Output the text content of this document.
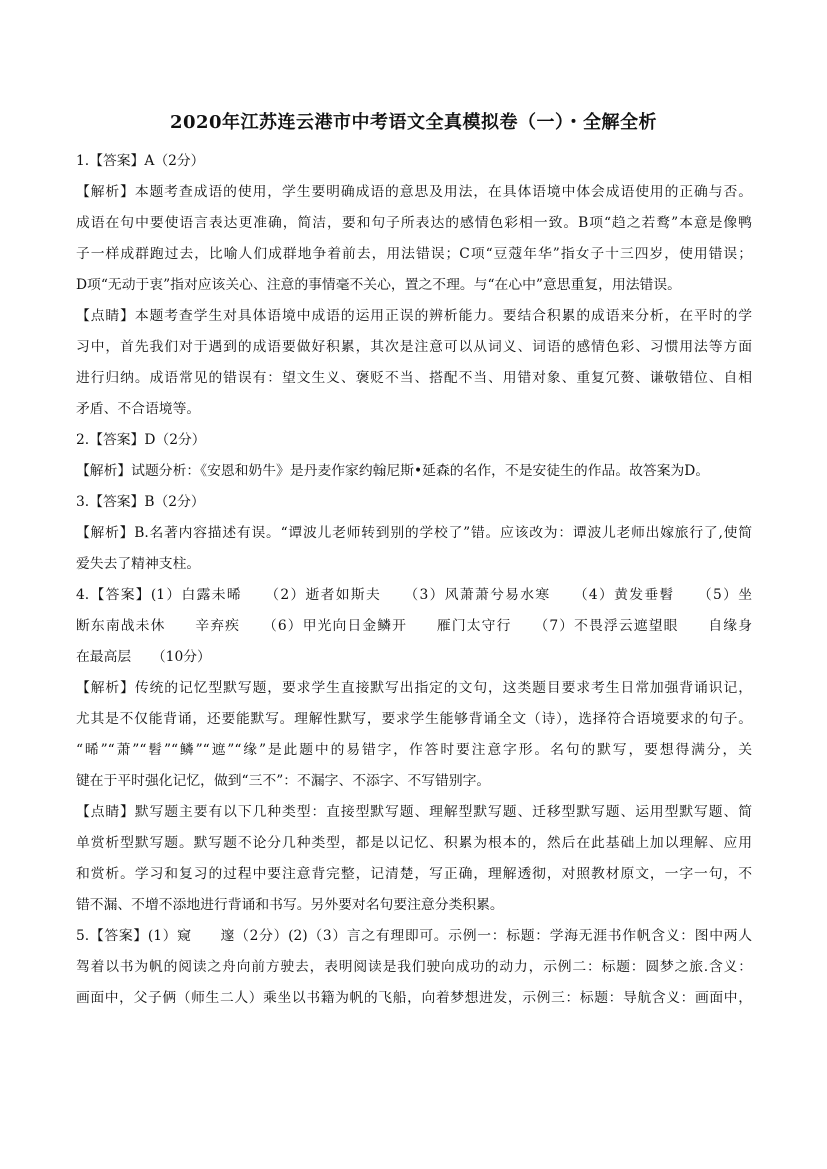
2020年江苏连云港市中考语文全真模拟卷（一）・全解全析
1.【答案】A（2分）
【解析】本题考查成语的使用，学生要明确成语的意思及用法，在具体语境中体会成语使用的正确与否。
成语在句中要使语言表达更准确，简洁，要和句子所表达的感情色彩相一致。B项“趋之若鹜”本意是像鸭
子一样成群跑过去，比喻人们成群地争着前去，用法错误；C项“豆蔻年华”指女子十三四岁，使用错误；
D项“无动于衷”指对应该关心、注意的事情毫不关心，置之不理。与“在心中”意思重复，用法错误。
【点睛】本题考查学生对具体语境中成语的运用正误的辨析能力。要结合积累的成语来分析，在平时的学
习中，首先我们对于遇到的成语要做好积累，其次是注意可以从词义、词语的感情色彩、习惯用法等方面
进行归纳。成语常见的错误有：望文生义、褒贬不当、搭配不当、用错对象、重复冗赘、谦敬错位、自相
矛盾、不合语境等。
2.【答案】D（2分）
【解析】试题分析：《安恩和奶牛》是丹麦作家约翰尼斯•延森的名作，不是安徒生的作品。故答案为D。
3.【答案】B（2分）
【解析】B.名著内容描述有误。“谭波儿老师转到别的学校了”错。应该改为：谭波儿老师出嫁旅行了,使简
爱失去了精神支柱。
4.【答案】(1）白露未晞　　（2）逝者如斯夫　　（3）风萧萧兮易水寒　　（4）黄发垂髫　　（5）坐
断东南战未休　　辛弃疾　　（6）甲光向日金鳞开　　雁门太守行　　（7）不畏浮云遮望眼　　自缘身
在最高层　　（10分）
【解析】传统的记忆型默写题，要求学生直接默写出指定的文句，这类题目要求考生日常加强背诵识记，
尤其是不仅能背诵，还要能默写。理解性默写，要求学生能够背诵全文（诗），选择符合语境要求的句子。
“晞”“萧”“髫”“鳞”“遮”“缘”是此题中的易错字，作答时要注意字形。名句的默写，要想得满分，关
键在于平时强化记忆，做到“三不”：不漏字、不添字、不写错别字。
【点睛】默写题主要有以下几种类型：直接型默写题、理解型默写题、迁移型默写题、运用型默写题、简
单赏析型默写题。默写题不论分几种类型，都是以记忆、积累为根本的，然后在此基础上加以理解、应用
和赏析。学习和复习的过程中要注意背完整，记清楚，写正确，理解透彻，对照教材原文，一字一句，不
错不漏、不增不添地进行背诵和书写。另外要对名句要注意分类积累。
5.【答案】(1）窥　　邃（2分）(2)（3）言之有理即可。示例一：标题：学海无涯书作帆含义：图中两人
驾着以书为帆的阅读之舟向前方驶去，表明阅读是我们驶向成功的动力，示例二：标题：圆梦之旅.含义：
画面中，父子俩（师生二人）乘坐以书籍为帆的飞船，向着梦想进发，示例三：标题：导航含义：画面中，
